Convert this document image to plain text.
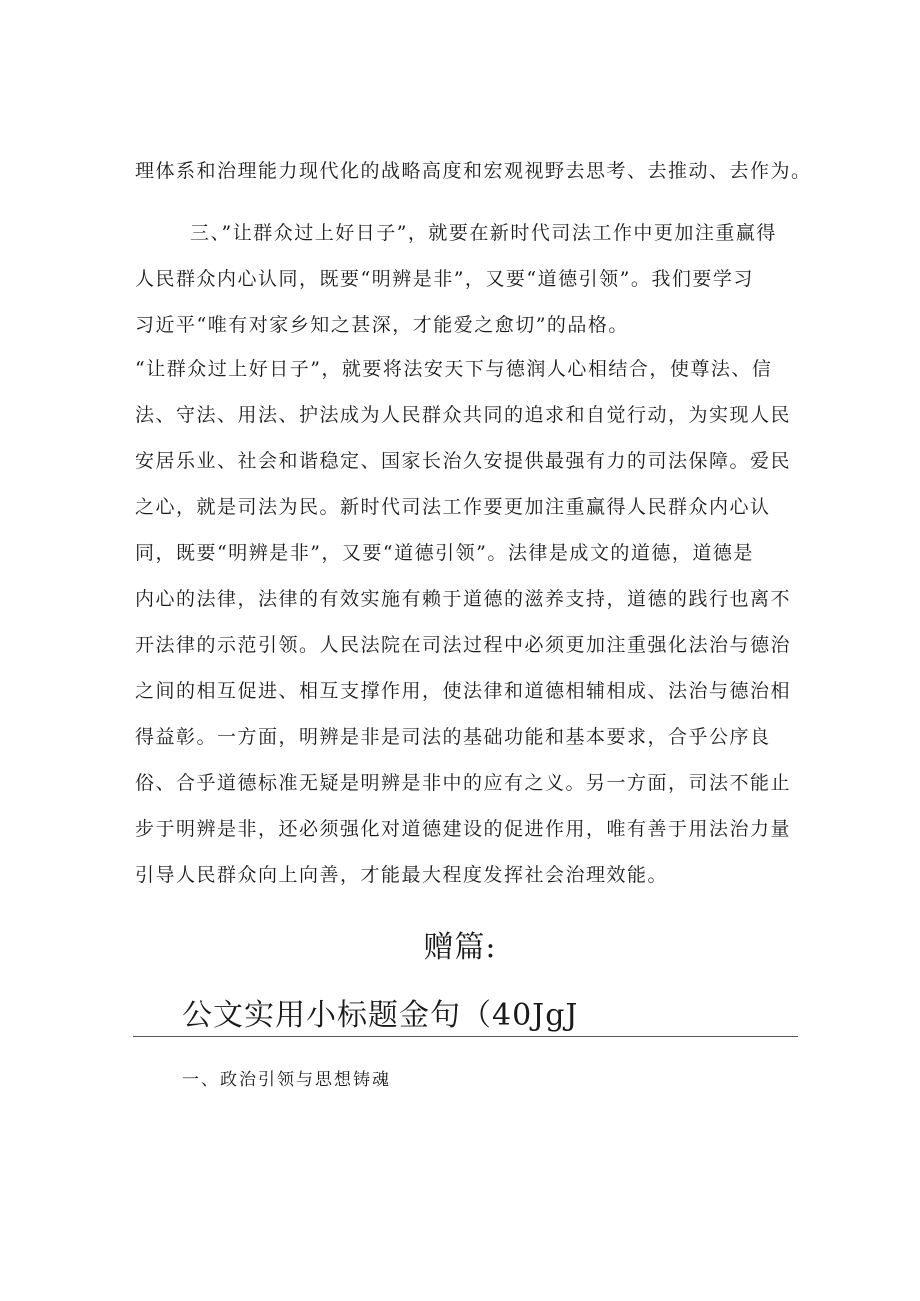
理体系和治理能力现代化的战略高度和宏观视野去思考、去推动、去作为。
三、”让群众过上好日子”，就要在新时代司法工作中更加注重赢得
人民群众内心认同，既要“明辨是非”，又要“道德引领”。我们要学习
习近平“唯有对家乡知之甚深，才能爱之愈切”的品格。
“让群众过上好日子”，就要将法安天下与德润人心相结合，使尊法、信
法、守法、用法、护法成为人民群众共同的追求和自觉行动，为实现人民
安居乐业、社会和谐稳定、国家长治久安提供最强有力的司法保障。爱民
之心，就是司法为民。新时代司法工作要更加注重赢得人民群众内心认
同，既要“明辨是非”，又要“道德引领”。法律是成文的道德，道德是
内心的法律，法律的有效实施有赖于道德的滋养支持，道德的践行也离不
开法律的示范引领。人民法院在司法过程中必须更加注重强化法治与德治
之间的相互促进、相互支撑作用，使法律和道德相辅相成、法治与德治相
得益彰。一方面，明辨是非是司法的基础功能和基本要求，合乎公序良
俗、合乎道德标准无疑是明辨是非中的应有之义。另一方面，司法不能止
步于明辨是非，还必须强化对道德建设的促进作用，唯有善于用法治力量
引导人民群众向上向善，才能最大程度发挥社会治理效能。
赠篇:
公文实用小标题金句（40JgJ
一、政治引领与思想铸魂
